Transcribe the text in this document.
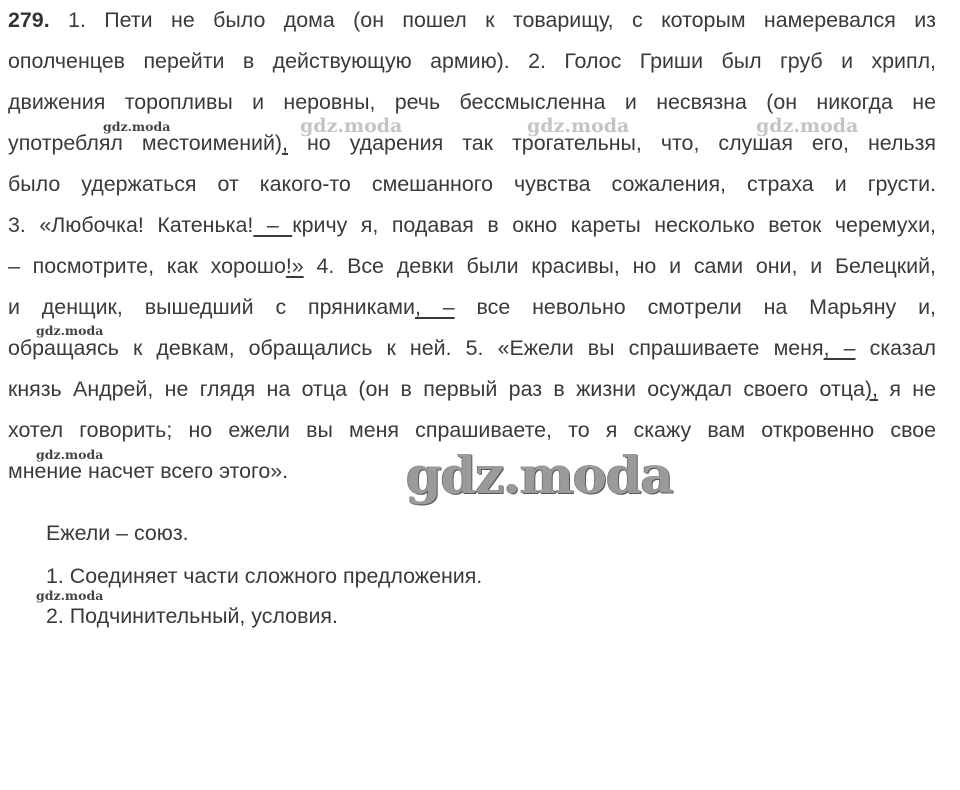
279. 1. Пети не было дома (он пошел к товарищу, с которым намеревался из
ополченцев перейти в действующую армию). 2. Голос Гриши был груб и хрипл,
движения торопливы и неровны, речь бессмысленна и несвязна (он никогда не
употреблял местоимений), но ударения так трогательны, что, слушая его, нельзя
было удержаться от какого-то смешанного чувства сожаления, страха и грусти.
3. «Любочка! Катенька! – кричу я, подавая в окно кареты несколько веток черемухи,
– посмотрите, как хорошо!» 4. Все девки были красивы, но и сами они, и Белецкий,
и денщик, вышедший с пряниками, – все невольно смотрели на Марьяну и,
обращаясь к девкам, обращались к ней. 5. «Ежели вы спрашиваете меня, – сказал
князь Андрей, не глядя на отца (он в первый раз в жизни осуждал своего отца), я не
хотел говорить; но ежели вы меня спрашиваете, то я скажу вам откровенно свое
мнение насчет всего этого».
Ежели – союз.
1. Соединяет части сложного предложения.
2. Подчинительный, условия.
gdz.moda	gdz.moda	gdz.moda	gdz.moda
gdz.moda
gdz.moda
gdz.moda
gdz.moda
